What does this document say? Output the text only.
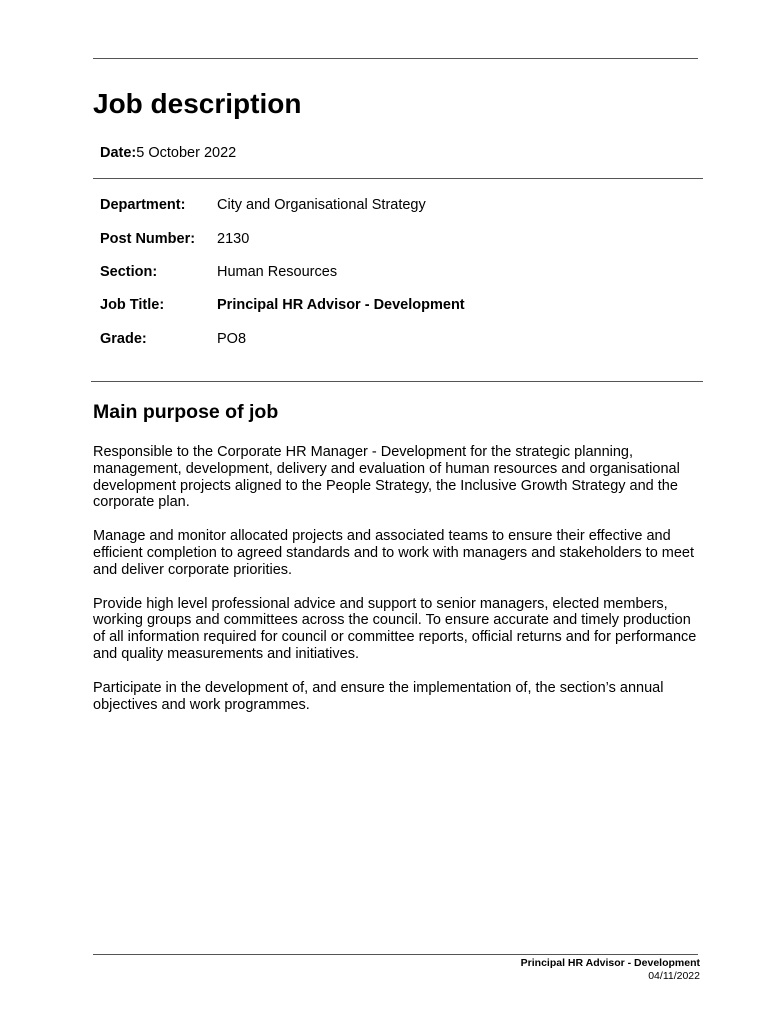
Job description
Date:5 October 2022
Department: City and Organisational Strategy
Post Number: 2130
Section:	Human Resources
Job Title:	Principal HR Advisor - Development
Grade:	PO8
Main purpose of job

Responsible to the Corporate HR Manager - Development for the strategic planning, management, development, delivery and evaluation of human resources and organisational development projects aligned to the People Strategy, the Inclusive Growth Strategy and the corporate plan.

Manage and monitor allocated projects and associated teams to ensure their effective and efficient completion to agreed standards and to work with managers and stakeholders to meet and deliver corporate priorities.

Provide high level professional advice and support to senior managers, elected members, working groups and committees across the council. To ensure accurate and timely production of all information required for council or committee reports, official returns and for performance and quality measurements and initiatives.

Participate in the development of, and ensure the implementation of, the section’s annual objectives and work programmes.

Principal HR Advisor - Development
04/11/2022
